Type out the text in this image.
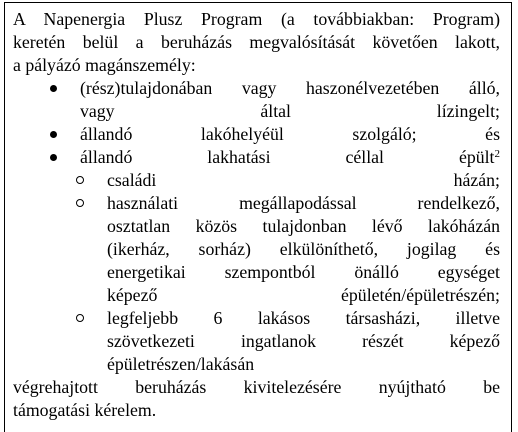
A Napenergia Plusz Program (a továbbiakban: Program)
keretén belül a beruházás megvalósítását követően lakott,
a pályázó magánszemély:
(rész)tulajdonában vagy haszonélvezetében álló,
vagy által lízingelt;
állandó lakóhelyéül szolgáló; és
állandó lakhatási céllal épült$^2$
családi házán;
használati megállapodással rendelkező,
osztatlan közös tulajdonban lévő lakóházán
(ikerház, sorház) elkülöníthető, jogilag és
energetikai szempontból önálló egységet
képező épületén/épületrészén;
legfeljebb 6 lakásos társasházi, illetve
szövetkezeti ingatlanok részét képező
épületrészen/lakásán
végrehajtott beruházás kivitelezésére nyújtható be
támogatási kérelem.
